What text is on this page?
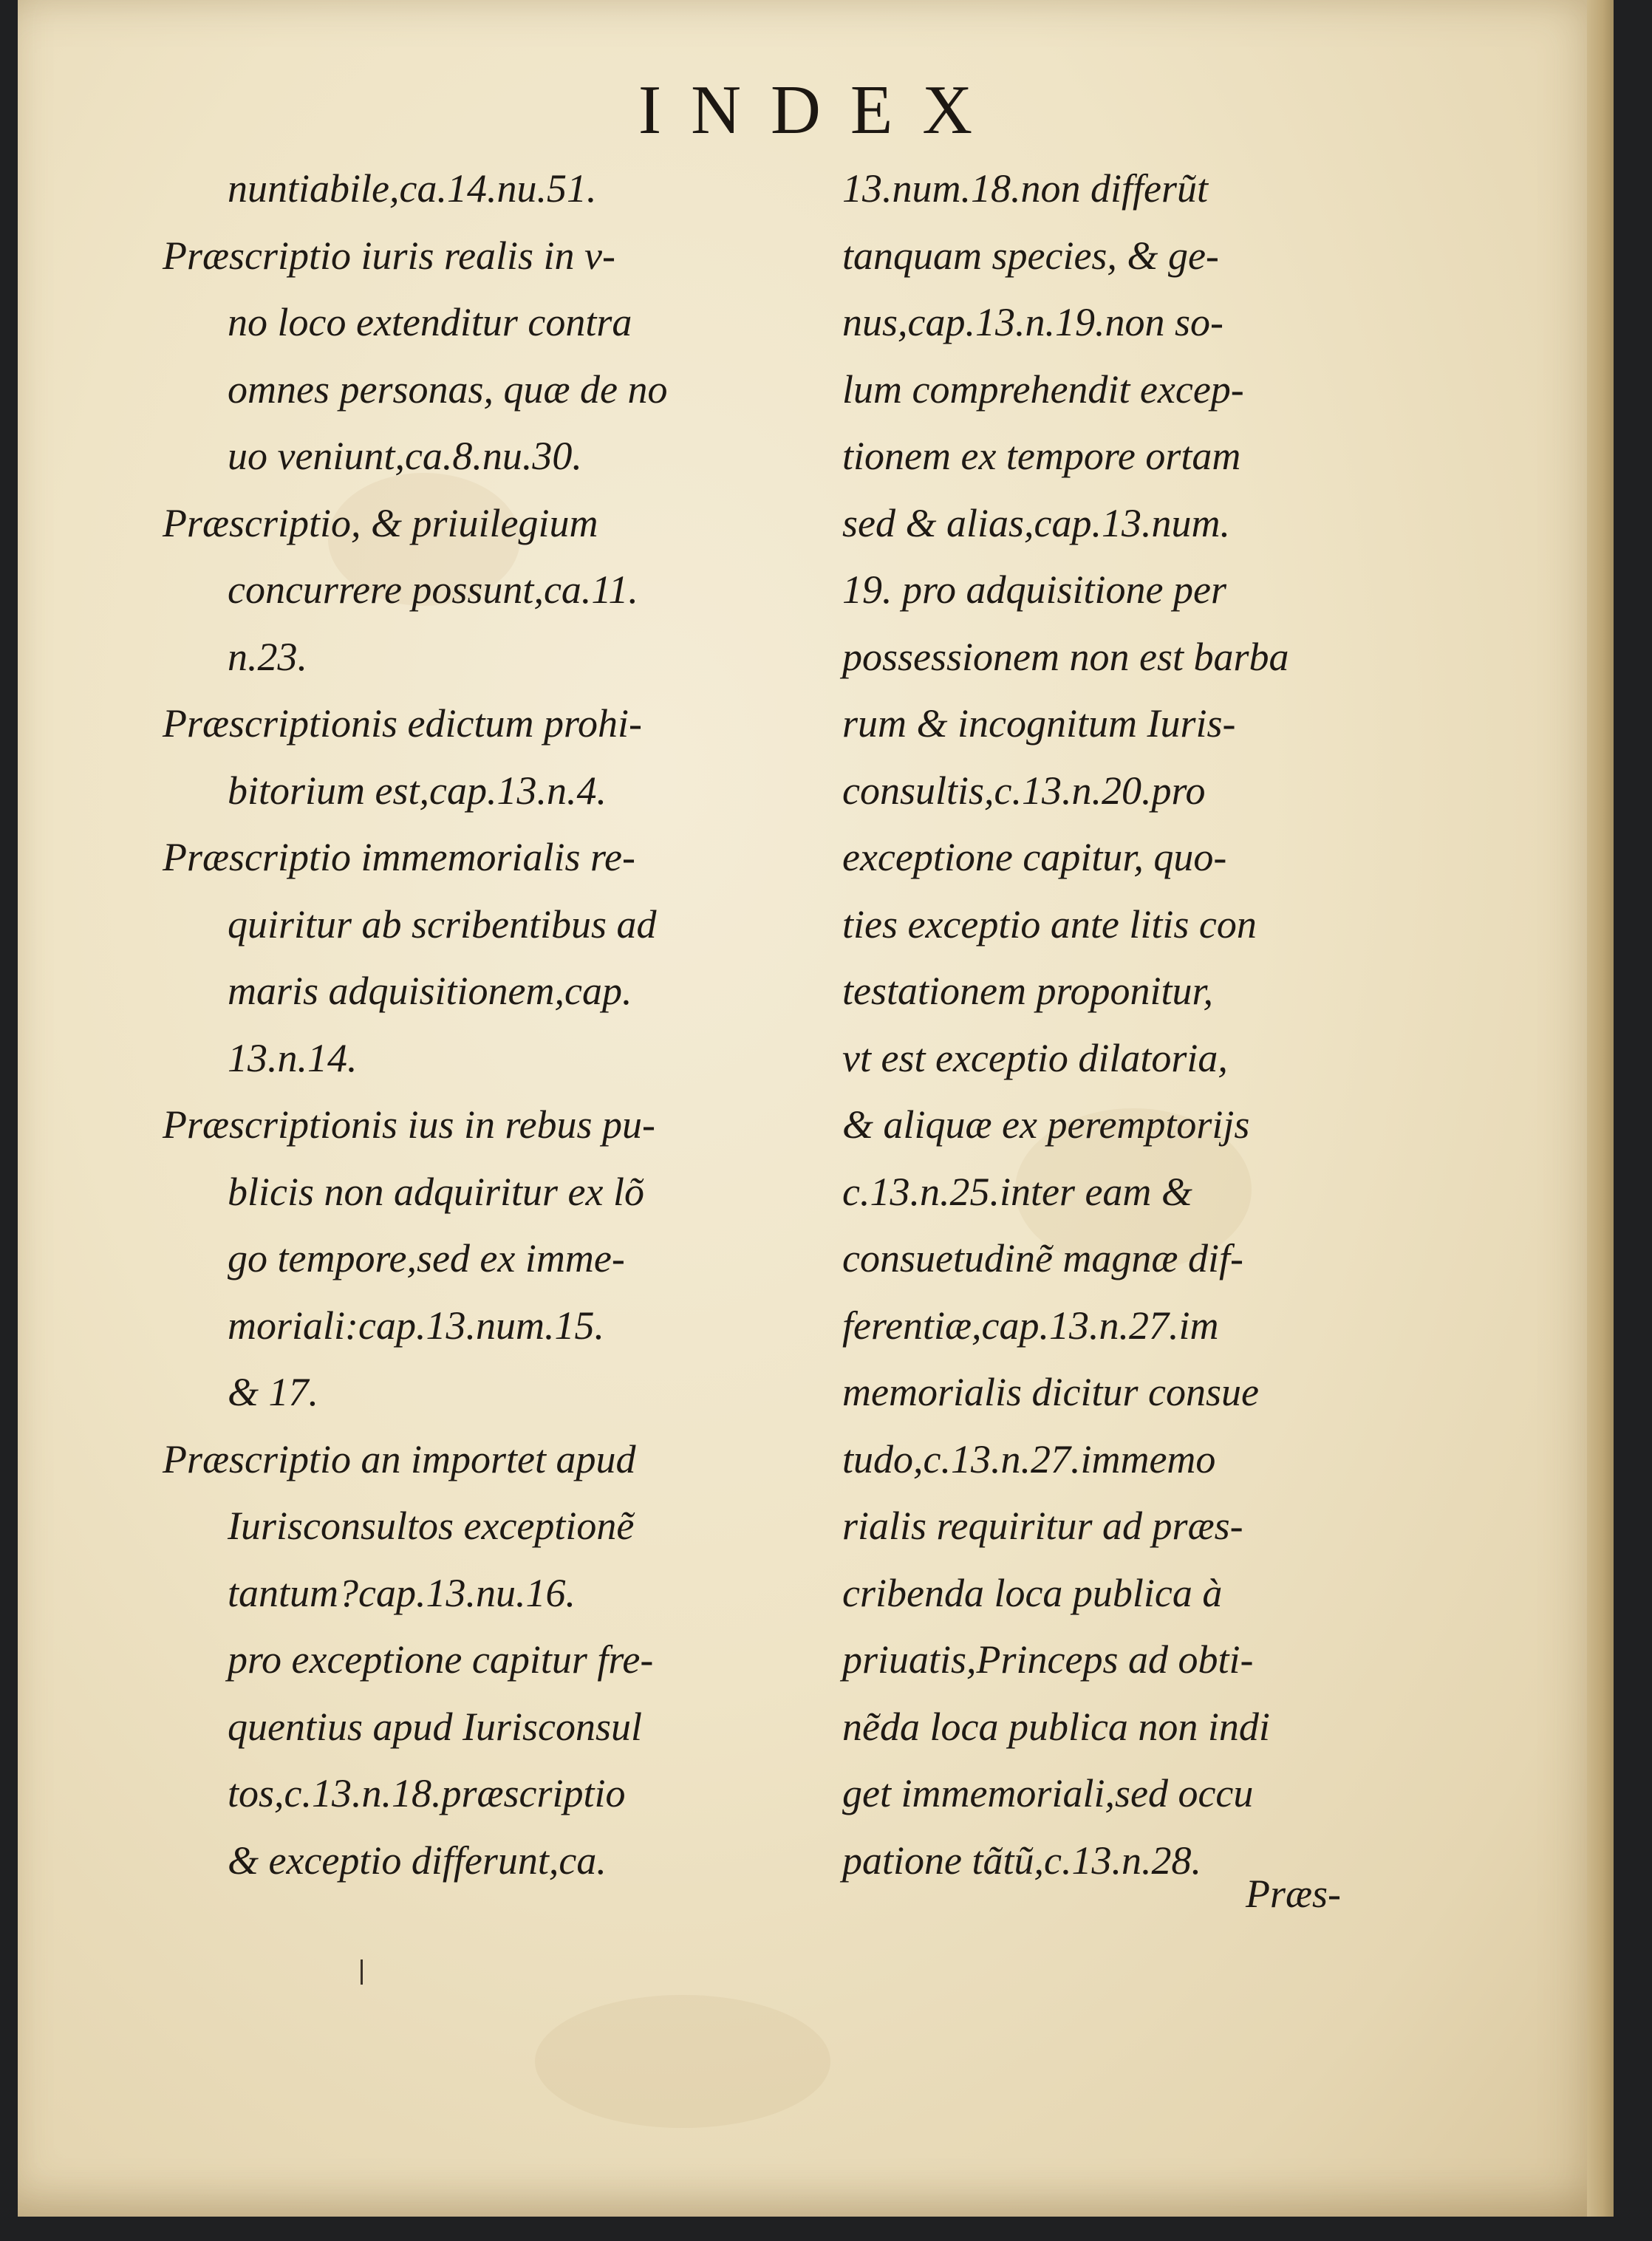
INDEX
nuntiabile,ca.14.nu.51.
Præscriptio iuris realis in v-
no loco extenditur contra
omnes personas, quæ de no
uo veniunt,ca.8.nu.30.
Præscriptio, & priuilegium
concurrere possunt,ca.11.
n.23.
Præscriptionis edictum prohi-
bitorium est,cap.13.n.4.
Præscriptio immemorialis re-
quiritur ab scribentibus ad
maris adquisitionem,cap.
13.n.14.
Præscriptionis ius in rebus pu-
blicis non adquiritur ex lõ
go tempore,sed ex imme-
moriali:cap.13.num.15.
& 17.
Præscriptio an importet apud
Iurisconsultos exceptionẽ
tantum?cap.13.nu.16.
pro exceptione capitur fre-
quentius apud Iurisconsul
tos,c.13.n.18.præscriptio
& exceptio differunt,ca.
13.num.18.non differũt
tanquam species, & ge-
nus,cap.13.n.19.non so-
lum comprehendit excep-
tionem ex tempore ortam
sed & alias,cap.13.num.
19. pro adquisitione per
possessionem non est barba
rum & incognitum Iuris-
consultis,c.13.n.20.pro
exceptione capitur, quo-
ties exceptio ante litis con
testationem proponitur,
vt est exceptio dilatoria,
& aliquæ ex peremptorijs
c.13.n.25.inter eam &
consuetudinẽ magnæ dif-
ferentiæ,cap.13.n.27.im
memorialis dicitur consue
tudo,c.13.n.27.immemo
rialis requiritur ad præs-
cribenda loca publica à
priuatis,Princeps ad obti-
nẽda loca publica non indi
get immemoriali,sed occu
patione tãtũ,c.13.n.28.
Præs-
